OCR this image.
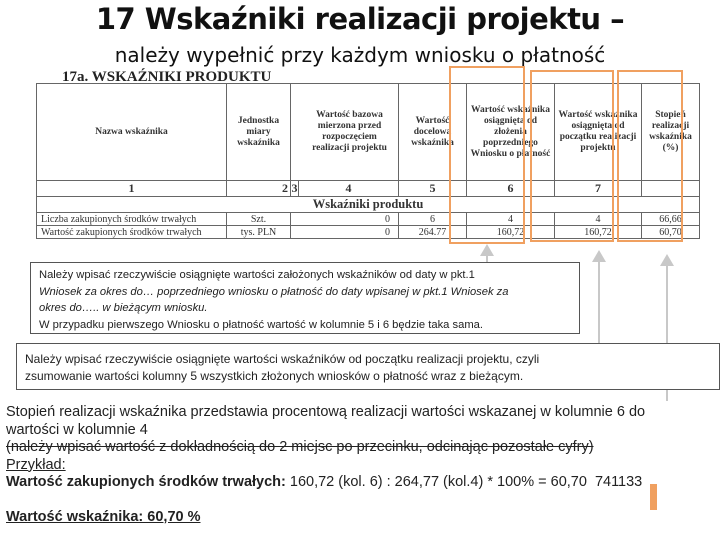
17 Wskaźniki realizacji projektu –
należy wypełnić przy każdym wniosku o płatność
17a. WSKAŹNIKI PRODUKTU
Nazwa wskaźnika	Jednostka miary wskaźnika	Wartość bazowa mierzona przed rozpoczęciem realizacji projektu		Wartość docelowa wskaźnika	Wartość wskaźnika osiągnięta od złożenia poprzedniego Wniosku o płatność	Wartość wskaźnika osiągnięta od początku realizacji projektu	Stopień realizacji wskaźnika (%)
1	2	3	4	5	6	7	
Wskaźniki produktu							
Liczba zakupionych środków trwałych	Szt.	0		6	4	4	66,66
Wartość zakupionych środków trwałych	tys. PLN	0		264.77	160,72	160,72	60,70
Należy wpisać rzeczywiście osiągnięte wartości założonych wskaźników od daty w pkt.1
Wniosek za okres do… poprzedniego wniosku o płatność do daty wpisanej w pkt.1 Wniosek za
okres do….. w bieżącym wniosku.
W przypadku pierwszego Wniosku o płatność wartość w kolumnie 5 i 6 będzie taka sama.
Należy wpisać rzeczywiście osiągnięte wartości wskaźników od początku realizacji projektu, czyli
zsumowanie wartości kolumny 5 wszystkich złożonych wniosków o płatność wraz z bieżącym.

Stopień realizacji wskaźnika przedstawia procentową realizacji wartości wskazanej w kolumnie 6 do

wartości w kolumnie 4

(należy wpisać wartość z dokładnością do 2 miejsc po przecinku, odcinając pozostałe cyfry)

Przykład:

Wartość zakupionych środków trwałych: 160,72 (kol. 6) : 264,77 (kol.4) * 100% = 60,70 741133

Wartość wskaźnika: 60,70 %
